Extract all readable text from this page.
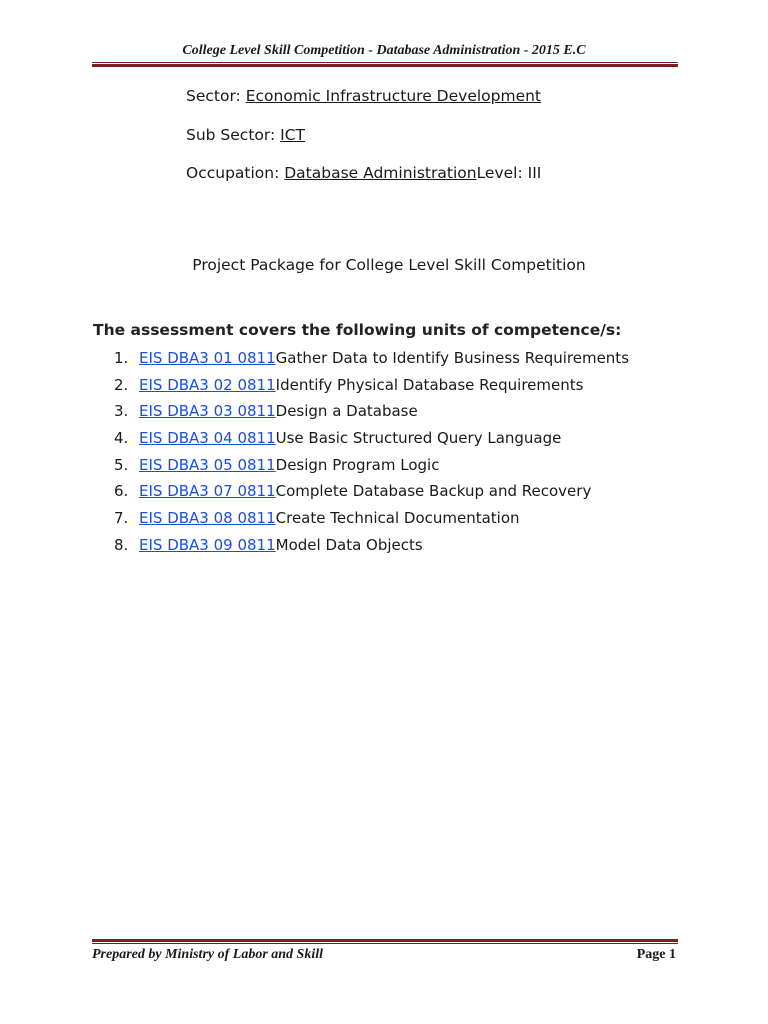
College Level Skill Competition - Database Administration - 2015 E.C
Sector: Economic Infrastructure Development
Sub Sector: ICT
Occupation: Database AdministrationLevel: III
Project Package for College Level Skill Competition
The assessment covers the following units of competence/s:
1. EIS DBA3 01 0811Gather Data to Identify Business Requirements
2. EIS DBA3 02 0811Identify Physical Database Requirements
3. EIS DBA3 03 0811Design a Database
4. EIS DBA3 04 0811Use Basic Structured Query Language
5. EIS DBA3 05 0811Design Program Logic
6. EIS DBA3 07 0811Complete Database Backup and Recovery
7. EIS DBA3 08 0811Create Technical Documentation
8. EIS DBA3 09 0811Model Data Objects
Prepared by Ministry of Labor and Skill	Page 1
